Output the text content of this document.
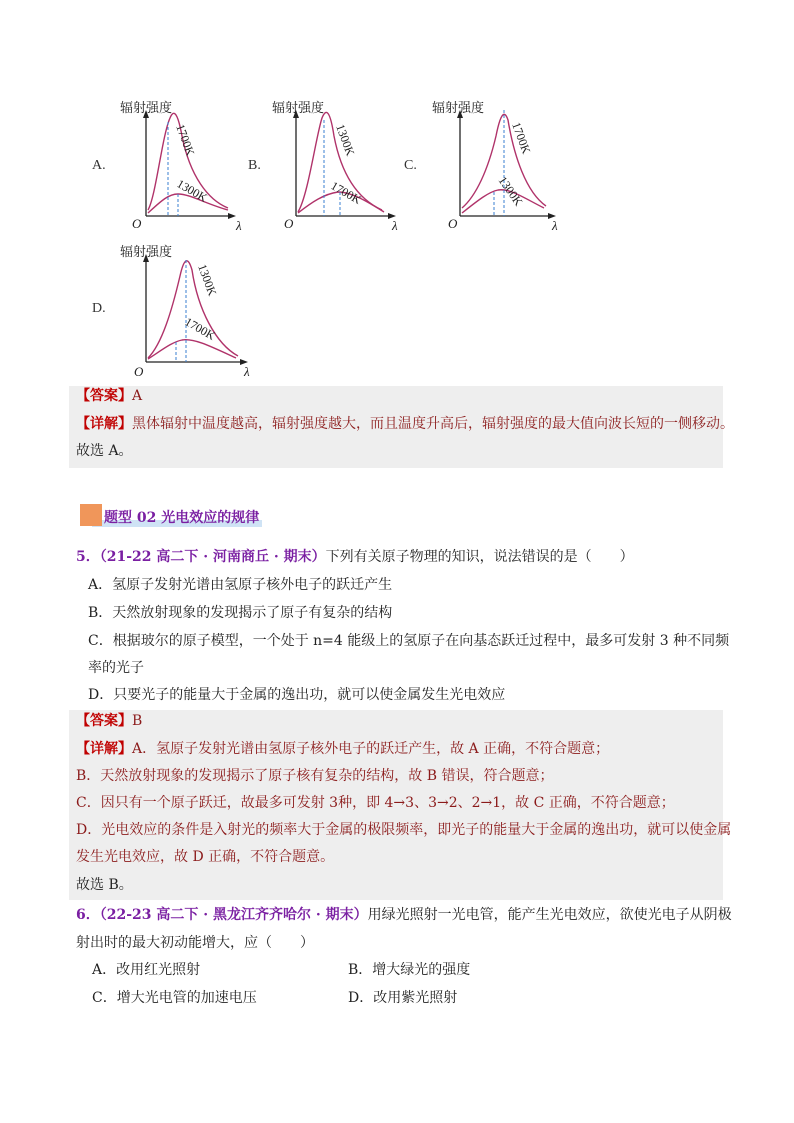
A.
辐射强度
O	λ
1700K
1300K
B.
辐射强度
O	λ
1300K
1700K
C.
辐射强度
O	λ
1700K
1300K
D.
辐射强度
O	λ
1300K
1700K
【答案】A
【详解】黑体辐射中温度越高，辐射强度越大，而且温度升高后，辐射强度的最大值向波长短的一侧移动。
故选 A。
题型 02 光电效应的规律
5．（21-22 高二下 · 河南商丘 · 期末）下列有关原子物理的知识，说法错误的是（　　）
A．氢原子发射光谱由氢原子核外电子的跃迁产生
B．天然放射现象的发现揭示了原子有复杂的结构
C．根据玻尔的原子模型，一个处于 n=4 能级上的氢原子在向基态跃迁过程中，最多可发射 3 种不同频
率的光子
D．只要光子的能量大于金属的逸出功，就可以使金属发生光电效应
【答案】B
【详解】A．氢原子发射光谱由氢原子核外电子的跃迁产生，故 A 正确，不符合题意；
B．天然放射现象的发现揭示了原子核有复杂的结构，故 B 错误，符合题意；
C．因只有一个原子跃迁，故最多可发射 3种，即 4→3、3→2、2→1，故 C 正确，不符合题意；
D．光电效应的条件是入射光的频率大于金属的极限频率，即光子的能量大于金属的逸出功，就可以使金属
发生光电效应，故 D 正确，不符合题意。
故选 B。
6．（22-23 高二下 · 黑龙江齐齐哈尔 · 期末）用绿光照射一光电管，能产生光电效应，欲使光电子从阴极
射出时的最大初动能增大，应（　　）
A．改用红光照射	B．增大绿光的强度
C．增大光电管的加速电压	D．改用紫光照射
